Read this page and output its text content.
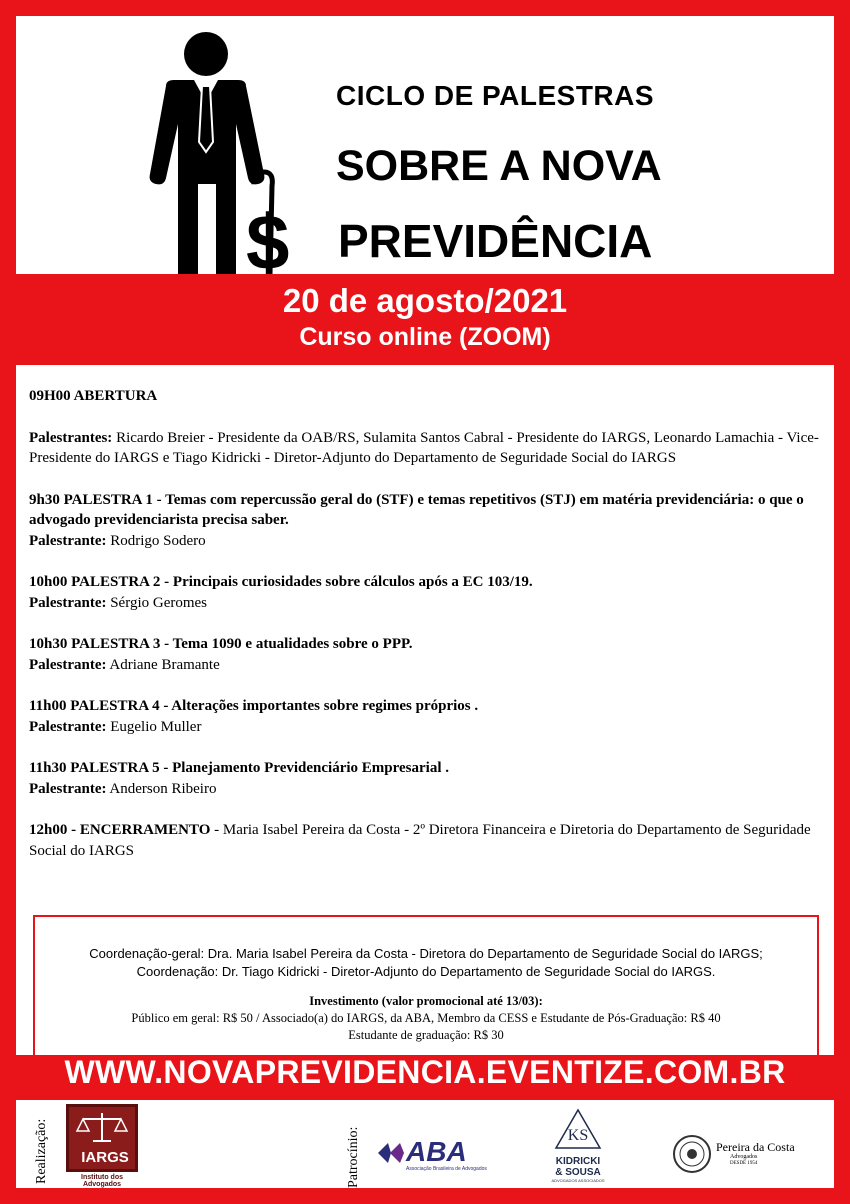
$
CICLO DE PALESTRAS
SOBRE A NOVA
PREVIDÊNCIA
20 de agosto/2021
Curso online (ZOOM)

09H00 ABERTURA

Palestrantes: Ricardo Breier - Presidente da OAB/RS, Sulamita Santos Cabral - Presidente do IARGS, Leonardo Lamachia - Vice-Presidente do IARGS e Tiago Kidricki - Diretor-Adjunto do Departamento de Seguridade Social do IARGS

9h30 PALESTRA 1 - Temas com repercussão geral do (STF) e temas repetitivos (STJ) em matéria previdenciária: o que o advogado previdenciarista precisa saber.
Palestrante: Rodrigo Sodero

10h00 PALESTRA 2 - Principais curiosidades sobre cálculos após a EC 103/19.
Palestrante: Sérgio Geromes

10h30 PALESTRA 3 - Tema 1090 e atualidades sobre o PPP.
Palestrante: Adriane Bramante

11h00 PALESTRA 4 - Alterações importantes sobre regimes próprios .
Palestrante: Eugelio Muller

11h30 PALESTRA 5 - Planejamento Previdenciário Empresarial .
Palestrante: Anderson Ribeiro

12h00 - ENCERRAMENTO - Maria Isabel Pereira da Costa - 2º Diretora Financeira e Diretoria do Departamento de Seguridade Social do IARGS

Coordenação-geral: Dra. Maria Isabel Pereira da Costa - Diretora do Departamento de Seguridade Social do IARGS;
Coordenação: Dr. Tiago Kidricki - Diretor-Adjunto do Departamento de Seguridade Social do IARGS.
Investimento (valor promocional até 13/03):
Público em geral: R$ 50 / Associado(a) do IARGS, da ABA, Membro da CESS e Estudante de Pós-Graduação: R$ 40
Estudante de graduação: R$ 30
WWW.NOVAPREVIDENCIA.EVENTIZE.COM.BR
Realização:	IARGS
Instituto dos Advogados	Patrocínio: ABA
Associação Brasileira de Advogados
KS
KIDRICKI
& SOUSA
ADVOGADOS ASSOCIADOS
Pereira da Costa
Advogados
DESDE 1954
